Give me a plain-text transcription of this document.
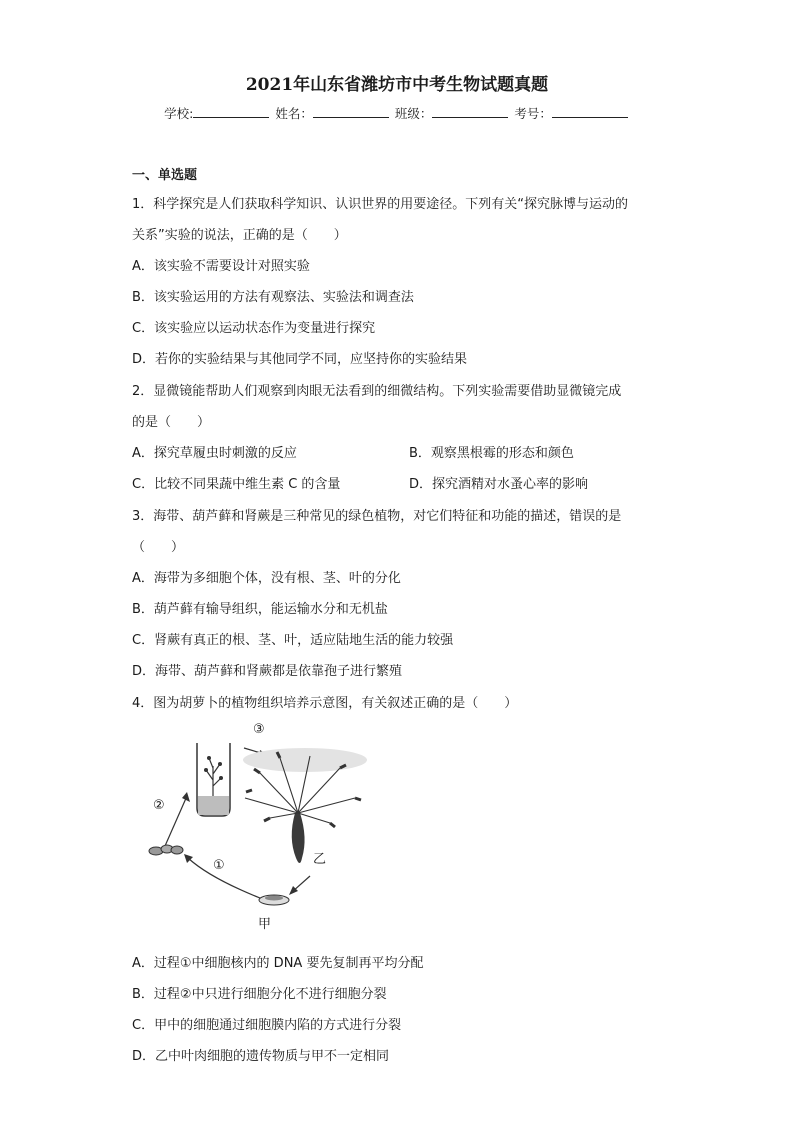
2021年山东省潍坊市中考生物试题真题
学校:	姓名：	班级：	考号：
一、单选题
1．科学探究是人们获取科学知识、认识世界的用要途径。下列有关“探究脉博与运动的
关系”实验的说法，正确的是（　　）
A．该实验不需要设计对照实验
B．该实验运用的方法有观察法、实验法和调查法
C．该实验应以运动状态作为变量进行探究
D．若你的实验结果与其他同学不同，应坚持你的实验结果
2．显微镜能帮助人们观察到肉眼无法看到的细微结构。下列实验需要借助显微镜完成
的是（　　）
A．探究草履虫时刺激的反应	B．观察黑根霉的形态和颜色
C．比较不同果蔬中维生素 C 的含量	D．探究酒精对水蚤心率的影响
3．海带、葫芦藓和肾蕨是三种常见的绿色植物，对它们特征和功能的描述，错误的是
（　　）
A．海带为多细胞个体，没有根、茎、叶的分化
B．葫芦藓有输导组织，能运输水分和无机盐
C．肾蕨有真正的根、茎、叶，适应陆地生活的能力较强
D．海带、葫芦藓和肾蕨都是依靠孢子进行繁殖
4．图为胡萝卜的植物组织培养示意图，有关叙述正确的是（　　）
③
②
①	乙
甲
A．过程①中细胞核内的 DNA 要先复制再平均分配
B．过程②中只进行细胞分化不进行细胞分裂
C．甲中的细胞通过细胞膜内陷的方式进行分裂
D．乙中叶肉细胞的遗传物质与甲不一定相同
